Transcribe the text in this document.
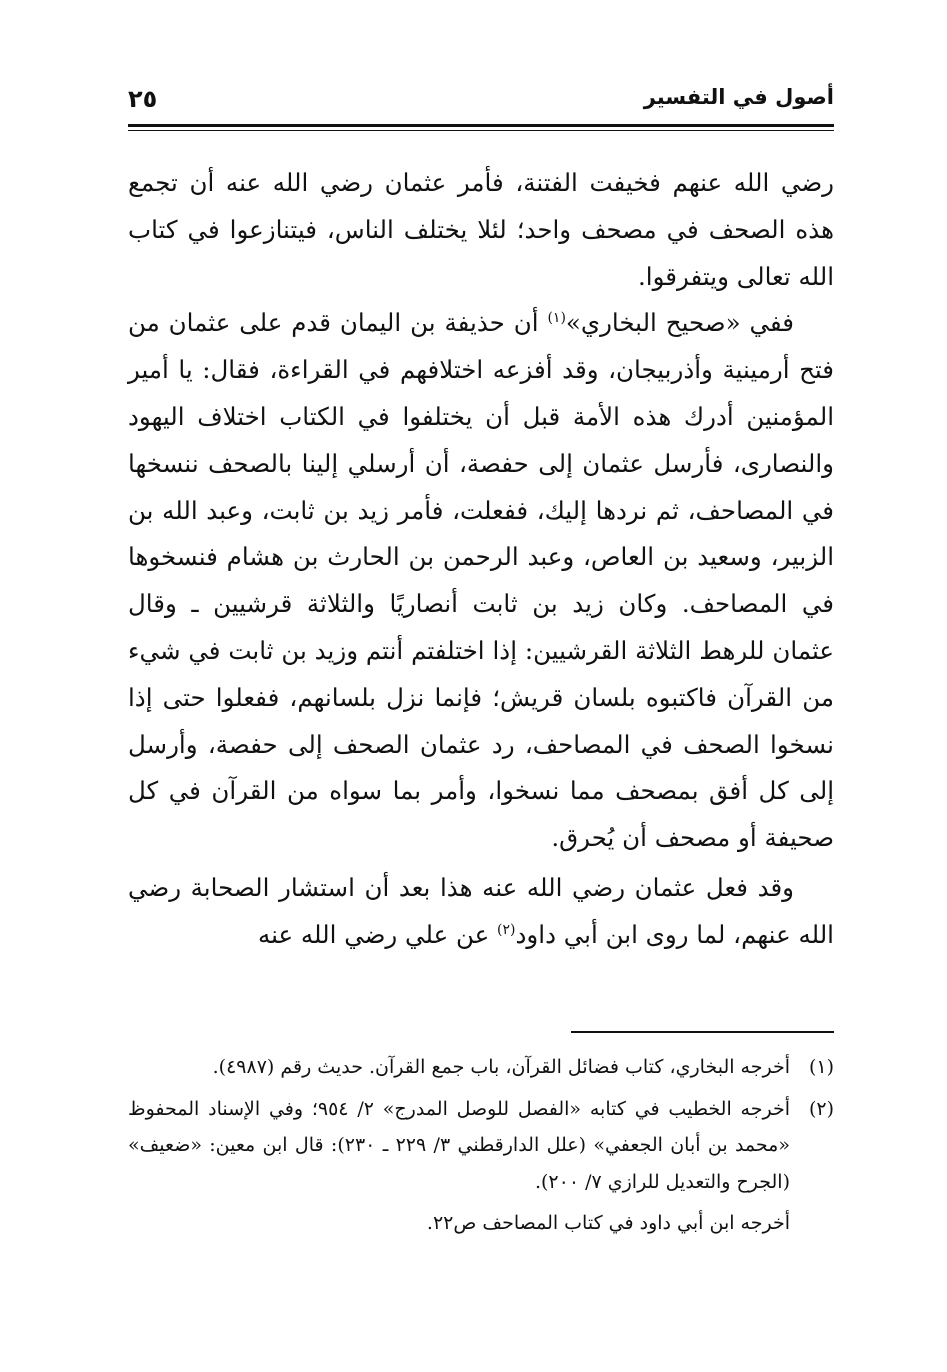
أصول في التفسير
٢٥

رضي الله عنهم فخيفت الفتنة، فأمر عثمان رضي الله عنه أن تجمع هذه الصحف في مصحف واحد؛ لئلا يختلف الناس، فيتنازعوا في كتاب الله تعالى ويتفرقوا.

ففي «صحيح البخاري»$^{(١)}$ أن حذيفة بن اليمان قدم على عثمان من فتح أرمينية وأذربيجان، وقد أفزعه اختلافهم في القراءة، فقال: يا أمير المؤمنين أدرك هذه الأمة قبل أن يختلفوا في الكتاب اختلاف اليهود والنصارى، فأرسل عثمان إلى حفصة، أن أرسلي إلينا بالصحف ننسخها في المصاحف، ثم نردها إليك، ففعلت، فأمر زيد بن ثابت، وعبد الله بن الزبير، وسعيد بن العاص، وعبد الرحمن بن الحارث بن هشام فنسخوها في المصاحف. وكان زيد بن ثابت أنصاريًا والثلاثة قرشيين ـ وقال عثمان للرهط الثلاثة القرشيين: إذا اختلفتم أنتم وزيد بن ثابت في شيء من القرآن فاكتبوه بلسان قريش؛ فإنما نزل بلسانهم، ففعلوا حتى إذا نسخوا الصحف في المصاحف، رد عثمان الصحف إلى حفصة، وأرسل إلى كل أفق بمصحف مما نسخوا، وأمر بما سواه من القرآن في كل صحيفة أو مصحف أن يُحرق.

وقد فعل عثمان رضي الله عنه هذا بعد أن استشار الصحابة رضي الله عنهم، لما روى ابن أبي داود$^{(٢)}$ عن علي رضي الله عنه

(١)
أخرجه البخاري، كتاب فضائل القرآن، باب جمع القرآن. حديث رقم (٤٩٨٧).
(٢)
أخرجه الخطيب في كتابه «الفصل للوصل المدرج» ٢/ ٩٥٤؛ وفي الإسناد المحفوظ «محمد بن أبان الجعفي» (علل الدارقطني ٣/ ٢٢٩ ـ ٢٣٠): قال ابن معين: «ضعيف» (الجرح والتعديل للرازي ٧/ ٢٠٠).
أخرجه ابن أبي داود في كتاب المصاحف ص٢٢.
